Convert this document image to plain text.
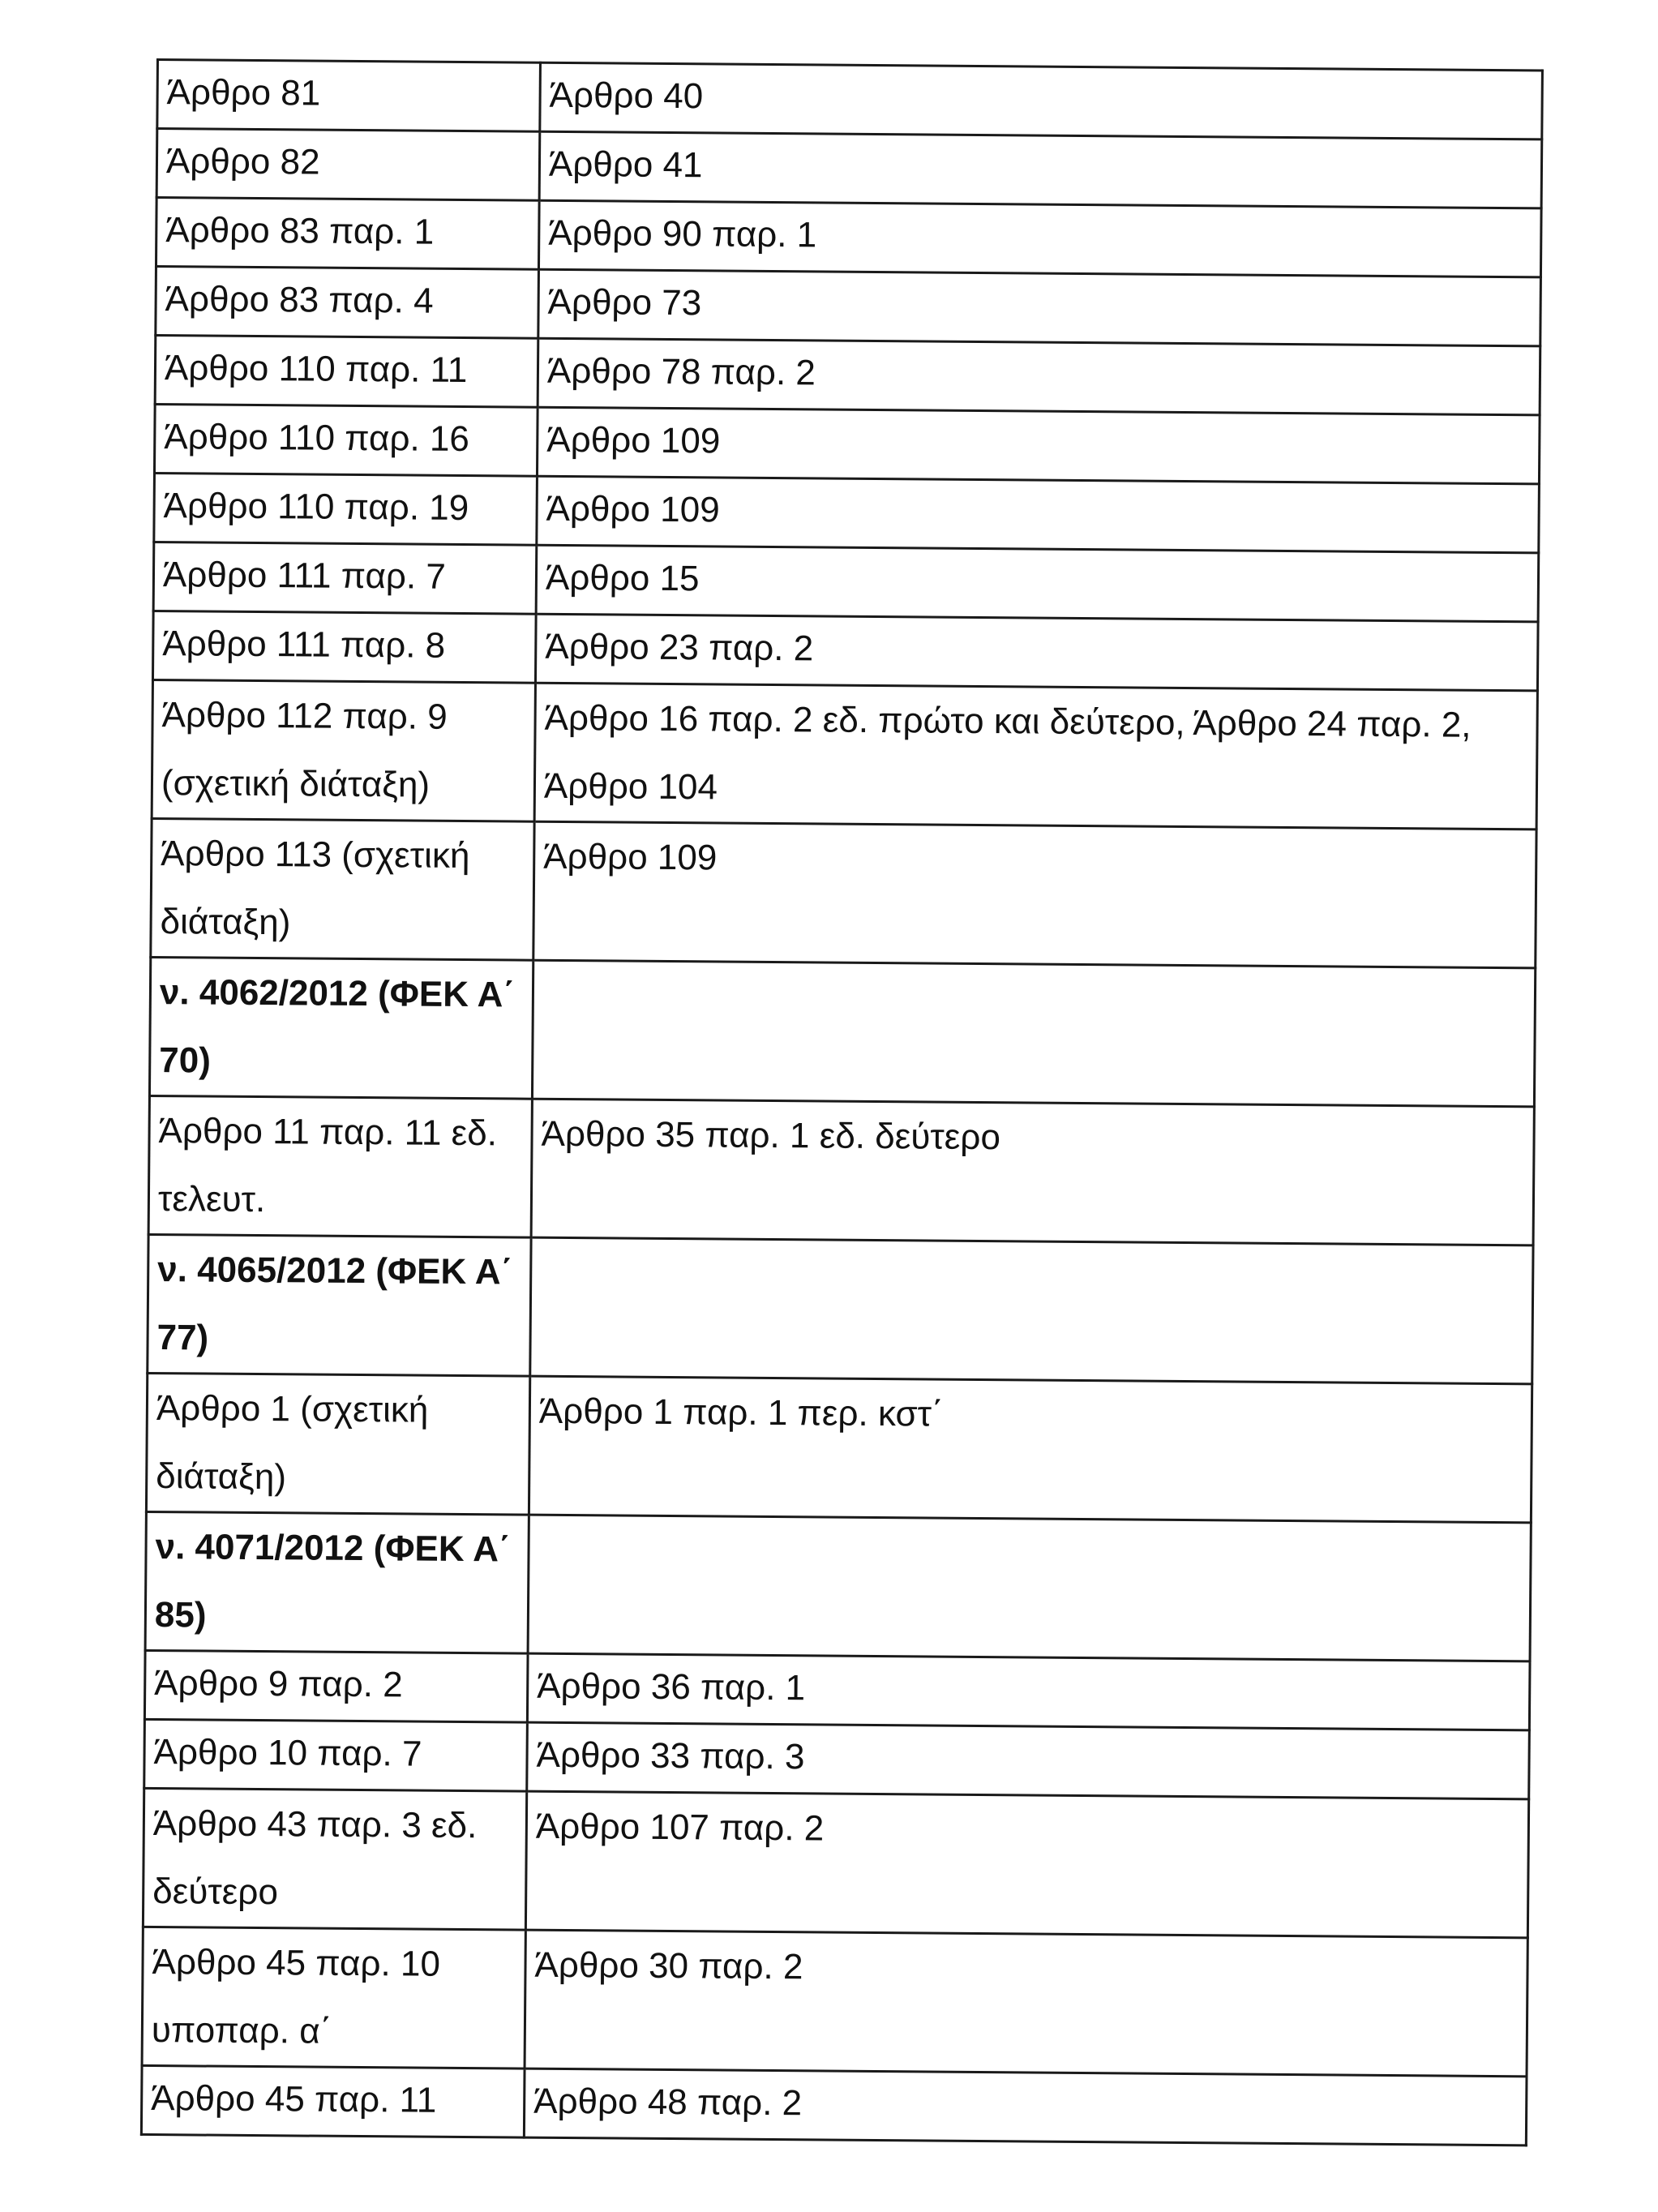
Άρθρο 81	Άρθρο 40

Άρθρο 82	Άρθρο 41

Άρθρο 83 παρ. 1	Άρθρο 90 παρ. 1

Άρθρο 83 παρ. 4	Άρθρο 73

Άρθρο 110 παρ. 11	Άρθρο 78 παρ. 2

Άρθρο 110 παρ. 16	Άρθρο 109

Άρθρο 110 παρ. 19	Άρθρο 109

Άρθρο 111 παρ. 7	Άρθρο 15

Άρθρο 111 παρ. 8	Άρθρο 23 παρ. 2

Άρθρο 112 παρ. 9 (σχετική διάταξη)	Άρθρο 16 παρ. 2 εδ. πρώτο και δεύτερο, Άρθρο 24 παρ. 2, Άρθρο 104

Άρθρο 113 (σχετική διάταξη)	Άρθρο 109

ν. 4062/2012 (ΦΕΚ Α΄ 70)	

Άρθρο 11 παρ. 11 εδ. τελευτ.	Άρθρο 35 παρ. 1 εδ. δεύτερο

ν. 4065/2012 (ΦΕΚ Α΄ 77)	

Άρθρο 1 (σχετική διάταξη)	Άρθρο 1 παρ. 1 περ. κστ΄

ν. 4071/2012 (ΦΕΚ Α΄ 85)	

Άρθρο 9 παρ. 2	Άρθρο 36 παρ. 1

Άρθρο 10 παρ. 7	Άρθρο 33 παρ. 3

Άρθρο 43 παρ. 3 εδ. δεύτερο	Άρθρο 107 παρ. 2

Άρθρο 45 παρ. 10 υποπαρ. α΄	Άρθρο 30 παρ. 2

Άρθρο 45 παρ. 11	Άρθρο 48 παρ. 2
